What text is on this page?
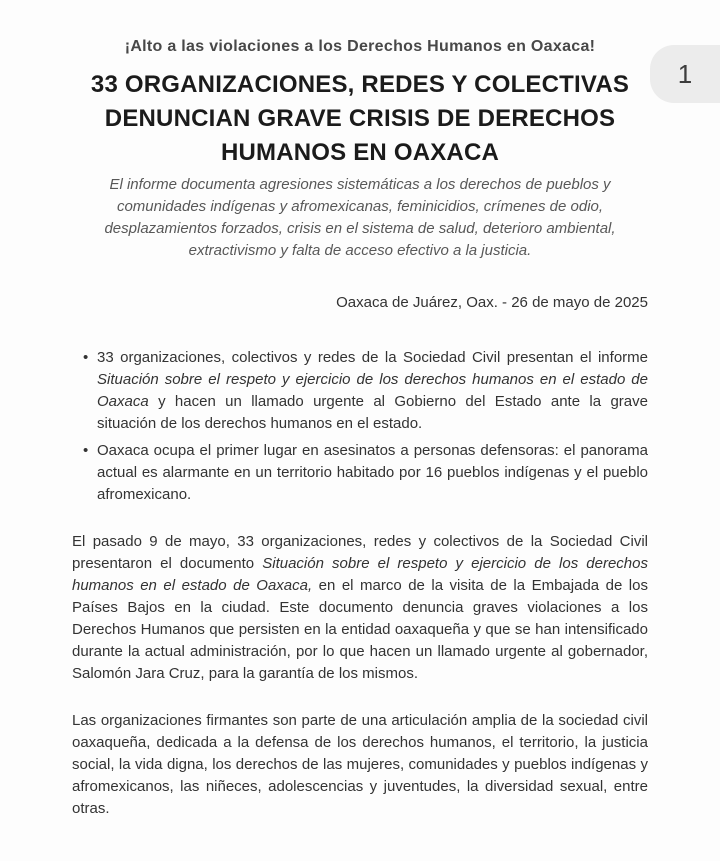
1
¡Alto a las violaciones a los Derechos Humanos en Oaxaca!
33 ORGANIZACIONES, REDES Y COLECTIVAS DENUNCIAN GRAVE CRISIS DE DERECHOS HUMANOS EN OAXACA
El informe documenta agresiones sistemáticas a los derechos de pueblos y comunidades indígenas y afromexicanas, feminicidios, crímenes de odio, desplazamientos forzados, crisis en el sistema de salud, deterioro ambiental, extractivismo y falta de acceso efectivo a la justicia.
Oaxaca de Juárez, Oax. - 26 de mayo de 2025
• 33 organizaciones, colectivos y redes de la Sociedad Civil presentan el informe Situación sobre el respeto y ejercicio de los derechos humanos en el estado de Oaxaca y hacen un llamado urgente al Gobierno del Estado ante la grave situación de los derechos humanos en el estado.
• Oaxaca ocupa el primer lugar en asesinatos a personas defensoras: el panorama actual es alarmante en un territorio habitado por 16 pueblos indígenas y el pueblo afromexicano.

El pasado 9 de mayo, 33 organizaciones, redes y colectivos de la Sociedad Civil presentaron el documento Situación sobre el respeto y ejercicio de los derechos humanos en el estado de Oaxaca, en el marco de la visita de la Embajada de los Países Bajos en la ciudad. Este documento denuncia graves violaciones a los Derechos Humanos que persisten en la entidad oaxaqueña y que se han intensificado durante la actual administración, por lo que hacen un llamado urgente al gobernador, Salomón Jara Cruz, para la garantía de los mismos.

Las organizaciones firmantes son parte de una articulación amplia de la sociedad civil oaxaqueña, dedicada a la defensa de los derechos humanos, el territorio, la justicia social, la vida digna, los derechos de las mujeres, comunidades y pueblos indígenas y afromexicanos, las niñeces, adolescencias y juventudes, la diversidad sexual, entre otras.
